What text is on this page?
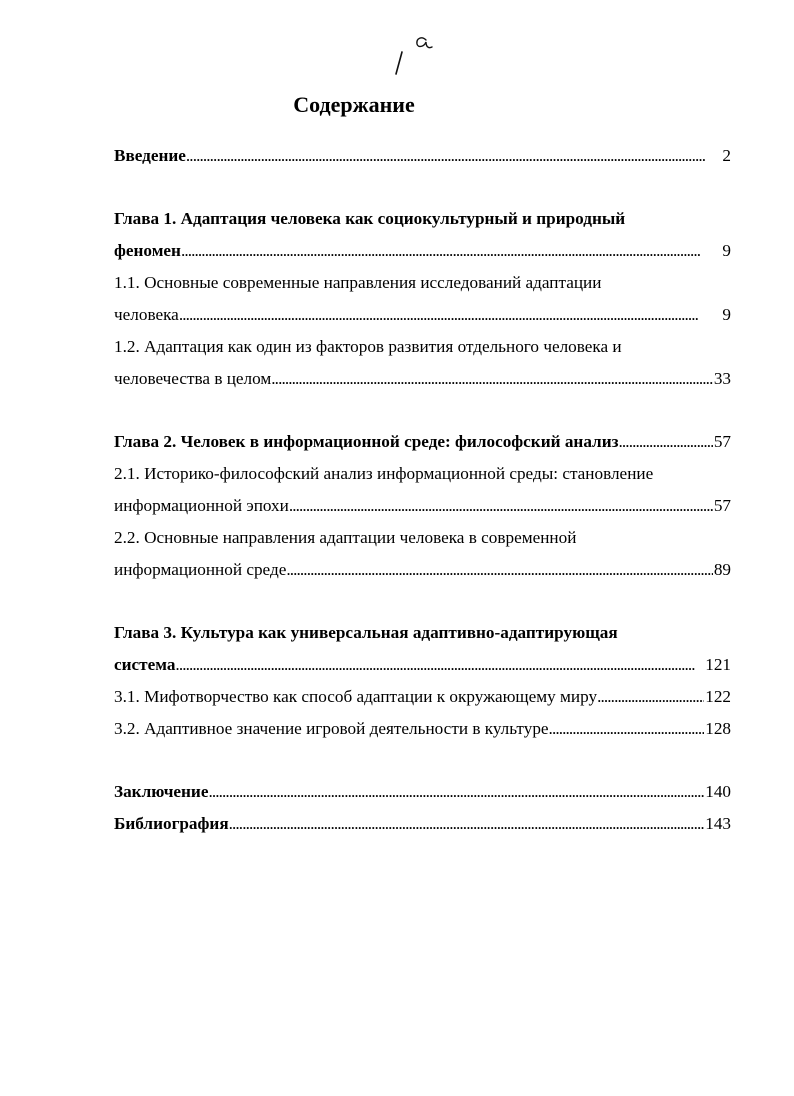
Содержание
Введение . . .	2
Глава 1. Адаптация человека как социокультурный и природный
феномен . . .	9
1.1. Основные современные направления исследований адаптации
человека . . .	9
1.2. Адаптация как один из факторов развития отдельного человека и
человечества в целом . . .	33
Глава 2. Человек в информационной среде: философский анализ . . .	57
2.1. Историко-философский анализ информационной среды: становление
информационной эпохи . . .	57
2.2. Основные направления адаптации человека в современной
информационной среде . . .	89
Глава 3. Культура как универсальная адаптивно-адаптирующая
система . . .	121
3.1. Мифотворчество как способ адаптации к окружающему миру . . .	122
3.2. Адаптивное значение игровой деятельности в культуре . . .	128
Заключение . . .	140
Библиография . . .	143
